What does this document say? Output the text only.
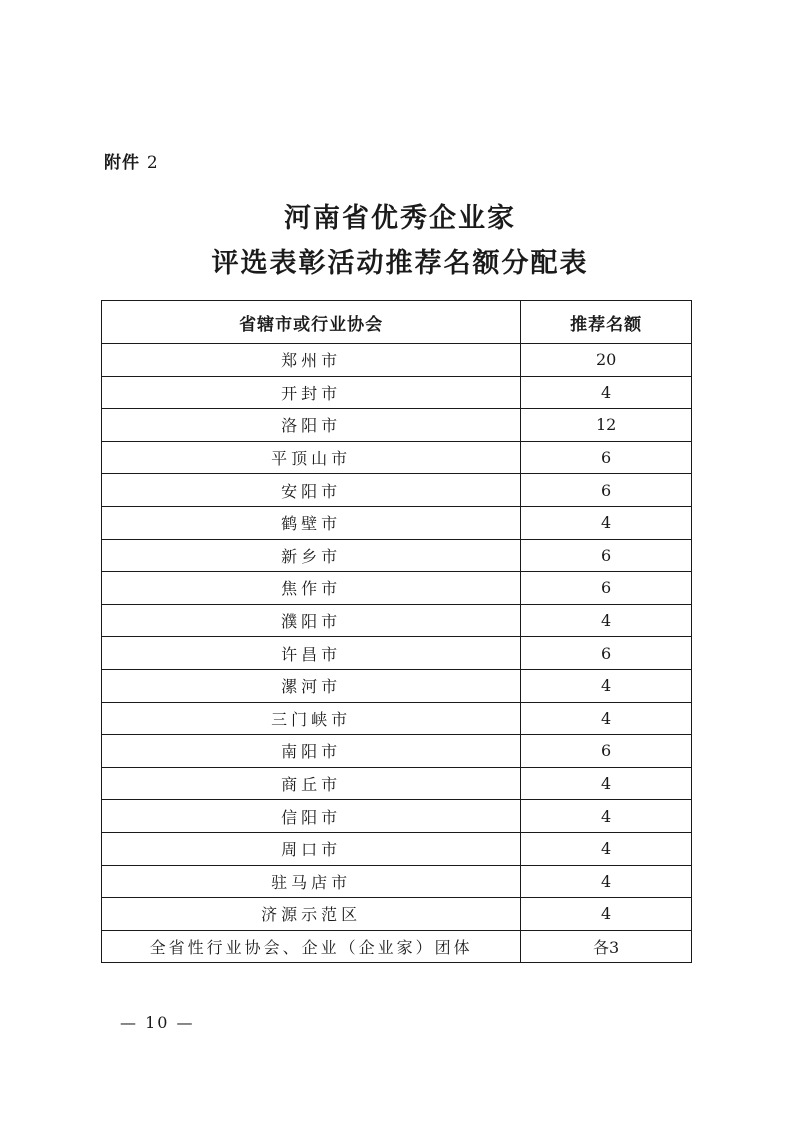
附件 2
河南省优秀企业家
评选表彰活动推荐名额分配表
省辖市或行业协会	推荐名额
郑州市	20
开封市	4
洛阳市	12
平顶山市	6
安阳市	6
鹤壁市	4
新乡市	6
焦作市	6
濮阳市	4
许昌市	6
漯河市	4
三门峡市	4
南阳市	6
商丘市	4
信阳市	4
周口市	4
驻马店市	4
济源示范区	4
全省性行业协会、企业（企业家）团体	各3
— 10 —
